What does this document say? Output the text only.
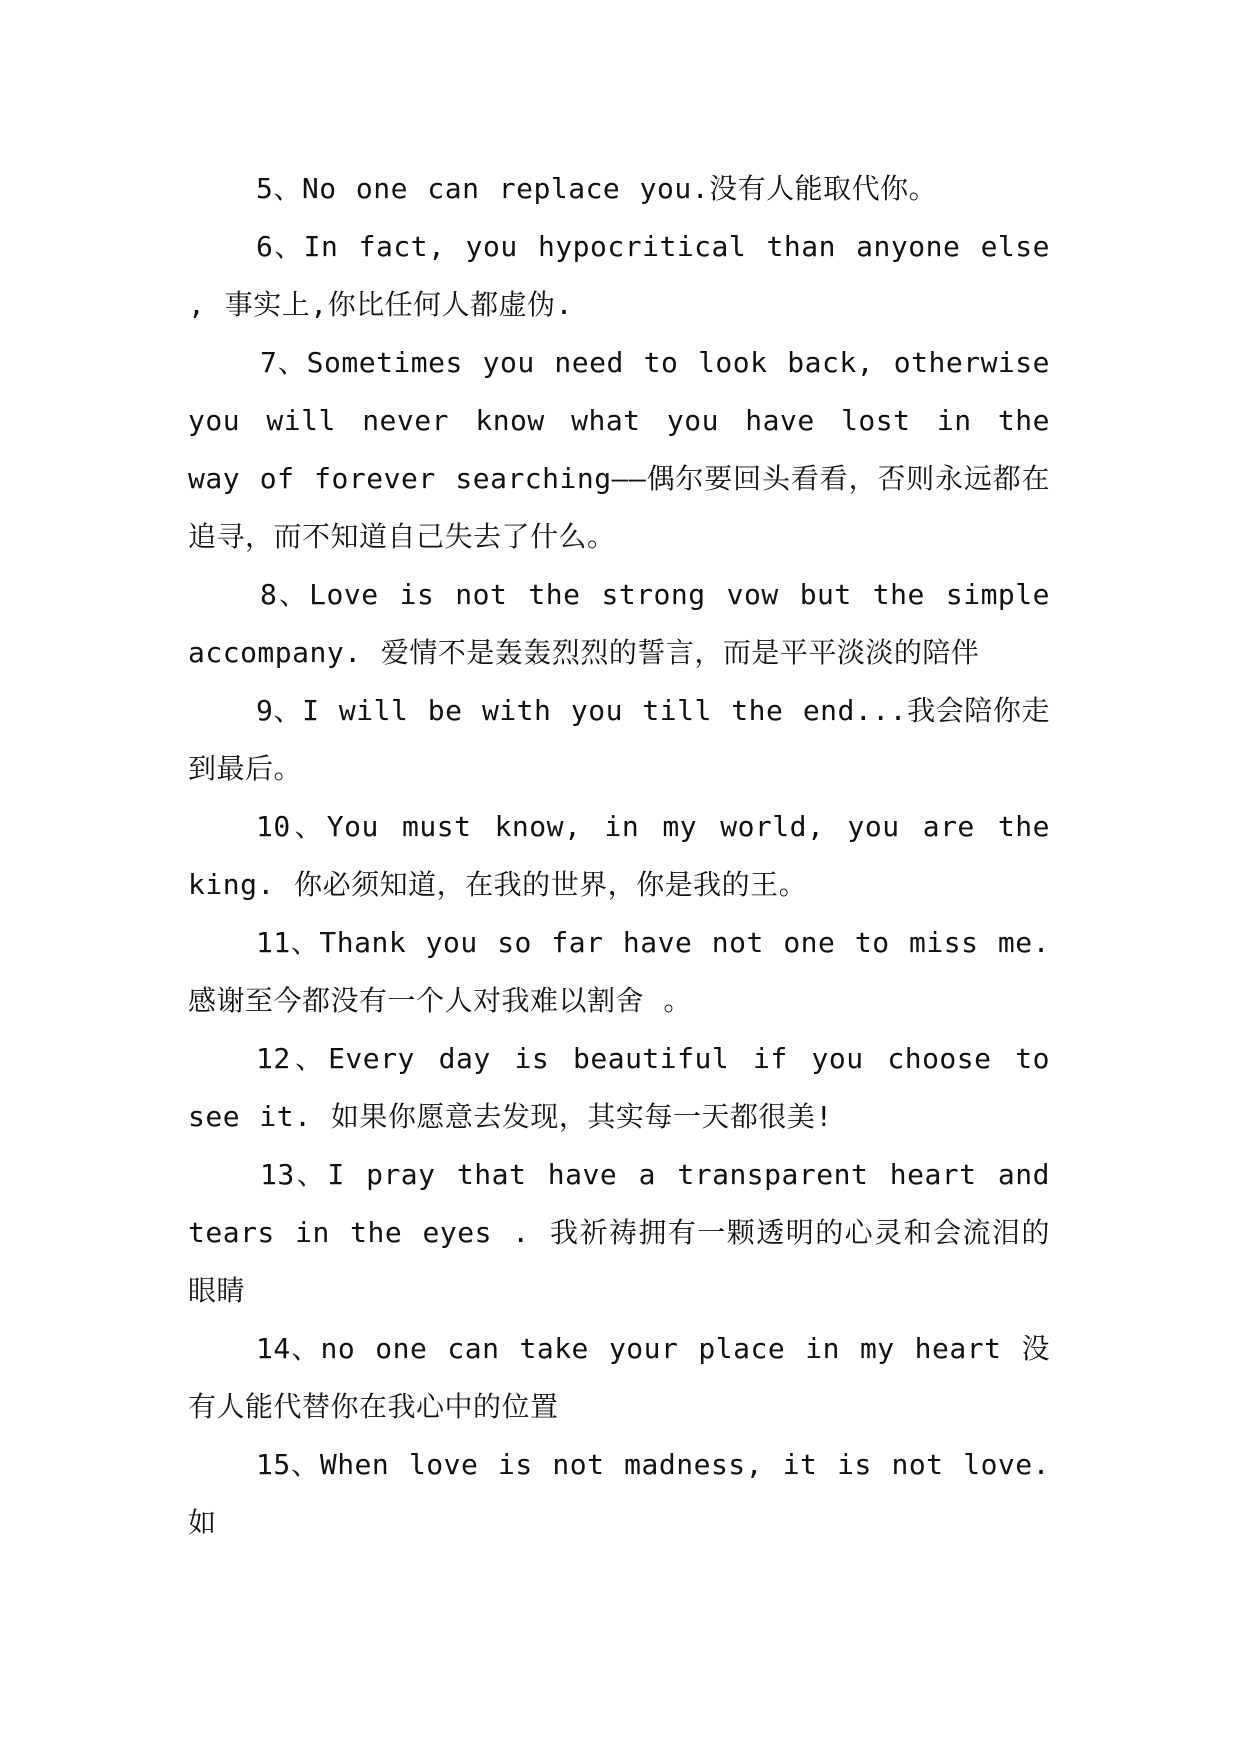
5、No one can replace you.没有人能取代你。

6、In fact, you hypocritical than anyone else , 事实上,你比任何人都虚伪.

7、Sometimes you need to look back, otherwise you will never know what you have lost in the way of forever searching——偶尔要回头看看，否则永远都在追寻，而不知道自己失去了什么。

8、Love is not the strong vow but the simple accompany. 爱情不是轰轰烈烈的誓言，而是平平淡淡的陪伴

9、I will be with you till the end...我会陪你走到最后。

10、You must know, in my world, you are the king. 你必须知道，在我的世界，你是我的王。

11、Thank you so far have not one to miss me.感谢至今都没有一个人对我难以割舍 。

12、Every day is beautiful if you choose to see it. 如果你愿意去发现，其实每一天都很美!

13、I pray that have a transparent heart and tears in the eyes . 我祈祷拥有一颗透明的心灵和会流泪的眼睛

14、no one can take your place in my heart 没有人能代替你在我心中的位置

15、When love is not madness, it is not love.如
